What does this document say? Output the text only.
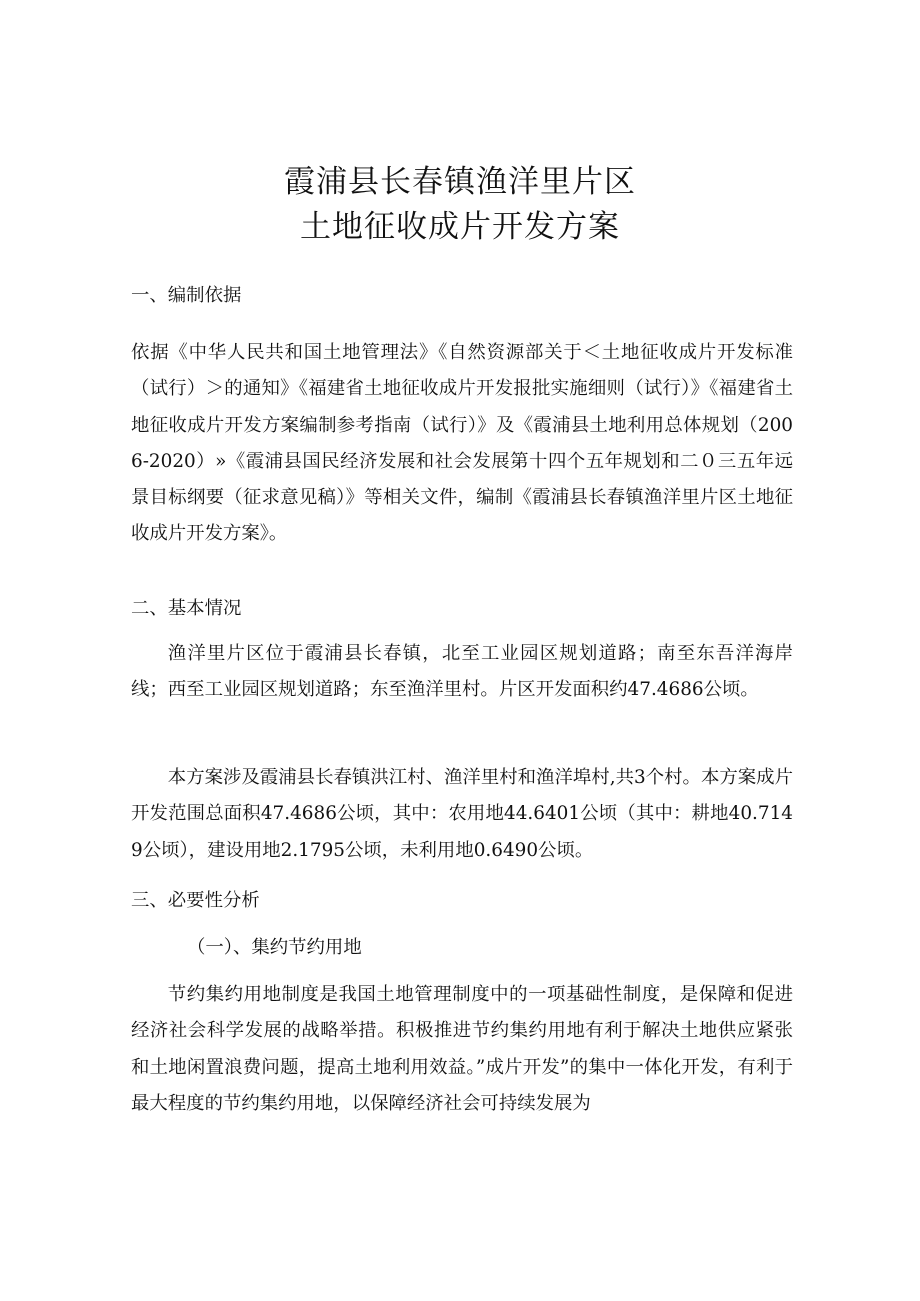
霞浦县长春镇渔洋里片区
土地征收成片开发方案

一、编制依据

依据《中华人民共和国土地管理法》《自然资源部关于＜土地征收成片开发标准（试行）＞的通知》《福建省土地征收成片开发报批实施细则（试行）》《福建省土地征收成片开发方案编制参考指南（试行）》及《霞浦县土地利用总体规划（2006-2020）»《霞浦县国民经济发展和社会发展第十四个五年规划和二０三五年远景目标纲要（征求意见稿）》等相关文件，编制《霞浦县长春镇渔洋里片区土地征收成片开发方案》。

二、基本情况

渔洋里片区位于霞浦县长春镇，北至工业园区规划道路；南至东吾洋海岸线；西至工业园区规划道路；东至渔洋里村。片区开发面积约47.4686公顷。

本方案涉及霞浦县长春镇洪江村、渔洋里村和渔洋埠村,共3个村。本方案成片开发范围总面积47.4686公顷，其中：农用地44.6401公顷（其中：耕地40.7149公顷），建设用地2.1795公顷，未利用地0.6490公顷。

三、必要性分析

（一）、集约节约用地

节约集约用地制度是我国土地管理制度中的一项基础性制度，是保障和促进经济社会科学发展的战略举措。积极推进节约集约用地有利于解决土地供应紧张和土地闲置浪费问题，提高土地利用效益。”成片开发”的集中一体化开发，有利于最大程度的节约集约用地，以保障经济社会可持续发展为
